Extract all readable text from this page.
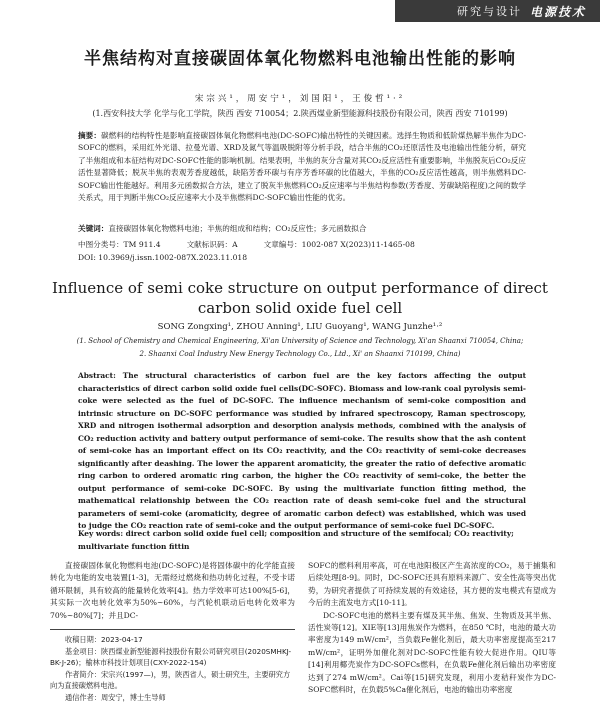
研究与设计 电源技术
半焦结构对直接碳固体氧化物燃料电池输出性能的影响
宋宗兴¹，周安宁¹，刘国阳¹，王俊哲¹·²
(1.西安科技大学 化学与化工学院，陕西 西安 710054；2.陕西煤业新型能源科技股份有限公司，陕西 西安 710199)
摘要：碳燃料的结构特性是影响直接碳固体氧化物燃料电池(DC-SOFC)输出特性的关键因素。选择生物质和低阶煤热解半焦作为DC-SOFC的燃料，采用红外光谱、拉曼光谱、XRD及氮气等温吸脱附等分析手段，结合半焦的CO₂还原活性及电池输出性能分析，研究了半焦组成和本征结构对DC-SOFC性能的影响机制。结果表明，半焦的灰分含量对其CO₂反应活性有重要影响，半焦脱灰后CO₂反应活性显著降低；脱灰半焦的表观芳香度越低，缺陷芳香环碳与有序芳香环碳的比值越大，半焦的CO₂反应活性越高，则半焦燃料DC-SOFC输出性能越好。利用多元函数拟合方法，建立了脱灰半焦燃料CO₂反应速率与半焦结构参数(芳香度、芳碳缺陷程度)之间的数学关系式，用于判断半焦CO₂反应速率大小及半焦燃料DC-SOFC输出性能的优劣。
关键词：直接碳固体氧化物燃料电池；半焦的组成和结构；CO₂反应性；多元函数拟合
中图分类号：TM 911.4	文献标识码：A	文章编号：1002-087 X(2023)11-1465-08
DOI: 10.3969/j.issn.1002-087X.2023.11.018
Influence of semi coke structure on output performance of direct
carbon solid oxide fuel cell
SONG Zongxing¹, ZHOU Anning¹, LIU Guoyang¹, WANG Junzhe¹·²
(1. School of Chemistry and Chemical Engineering, Xi'an University of Science and Technology, Xi'an Shaanxi 710054, China;
2. Shaanxi Coal Industry New Energy Technology Co., Ltd., Xi' an Shaanxi 710199, China)
Abstract: The structural characteristics of carbon fuel are the key factors affecting the output characteristics of direct carbon solid oxide fuel cells(DC-SOFC). Biomass and low-rank coal pyrolysis semi-coke were selected as the fuel of DC-SOFC. The influence mechanism of semi-coke composition and intrinsic structure on DC-SOFC performance was studied by infrared spectroscopy, Raman spectroscopy, XRD and nitrogen isothermal adsorption and desorption analysis methods, combined with the analysis of CO₂ reduction activity and battery output performance of semi-coke. The results show that the ash content of semi-coke has an important effect on its CO₂ reactivity, and the CO₂ reactivity of semi-coke decreases significantly after deashing. The lower the apparent aromaticity, the greater the ratio of defective aromatic ring carbon to ordered aromatic ring carbon, the higher the CO₂ reactivity of semi-coke, the better the output performance of semi-coke DC-SOFC. By using the multivariate function fitting method, the mathematical relationship between the CO₂ reaction rate of deash semi-coke fuel and the structural parameters of semi-coke (aromaticity, degree of aromatic carbon defect) was established, which was used to judge the CO₂ reaction rate of semi-coke and the output performance of semi-coke fuel DC-SOFC.
Key words: direct carbon solid oxide fuel cell; composition and structure of the semifocal; CO₂ reactivity; multivariate function fittin

直接碳固体氧化物燃料电池(DC-SOFC)是将固体碳中的化学能直接转化为电能的发电装置[1-3]，无需经过燃烧和热功转化过程，不受卡诺循环限制，具有较高的能量转化效率[4]。热力学效率可达100%[5-6]，其实际一次电转化效率为50%~60%，与汽轮机联动后电转化效率为70%~80%[7]；并且DC-

收稿日期：2023-04-17

基金项目：陕西煤业新型能源科技股份有限公司研究项目(2020SMHKJ-BK-J-26)；榆林市科技计划项目(CXY-2022-154)

作者简介：宋宗兴(1997—)，男，陕西省人，硕士研究生，主要研究方向为直接碳燃料电池。

通信作者：周安宁，博士生导师

SOFC的燃料利用率高，可在电池阳极区产生高浓度的CO₂，易于捕集和后续处理[8-9]。同时，DC-SOFC还具有原料来源广、安全性高等突出优势，为研究者提供了可持续发展的有效途径，其方便的发电模式有望成为今后的主流发电方式[10-11]。

DC-SOFC电池的燃料主要有煤及其半焦、焦炭、生物质及其半焦、活性炭等[12]。XIE等[13]用焦炭作为燃料，在850 ℃时，电池的最大功率密度为149 mW/cm²，当负载Fe催化剂后，最大功率密度提高至217 mW/cm²，证明外加催化剂对DC-SOFC性能有较大促进作用。QIU等[14]利用椰壳炭作为DC-SOFCs燃料，在负载Fe催化剂后输出功率密度达到了274 mW/cm²。Cai等[15]研究发现，利用小麦秸秆炭作为DC-SOFC燃料时，在负载5%Ca催化剂后，电池的输出功率密度
